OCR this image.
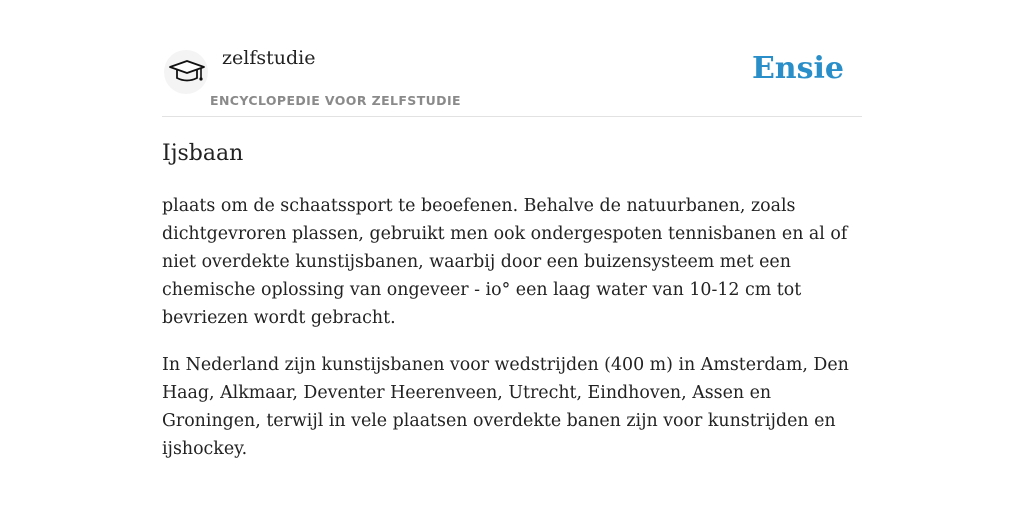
zelfstudie
ENCYCLOPEDIE VOOR ZELFSTUDIE
Ensie
Ijsbaan

plaats om de schaatssport te beoefenen. Behalve de natuurbanen, zoals dichtgevroren plassen, gebruikt men ook ondergespoten tennisbanen en al of niet overdekte kunstijsbanen, waarbij door een buizensysteem met een chemische oplossing van ongeveer - io° een laag water van 10-12 cm tot bevriezen wordt gebracht.

In Nederland zijn kunstijsbanen voor wedstrijden (400 m) in Amsterdam, Den Haag, Alkmaar, Deventer Heerenveen, Utrecht, Eindhoven, Assen en Groningen, terwijl in vele plaatsen overdekte banen zijn voor kunstrijden en ijshockey.
